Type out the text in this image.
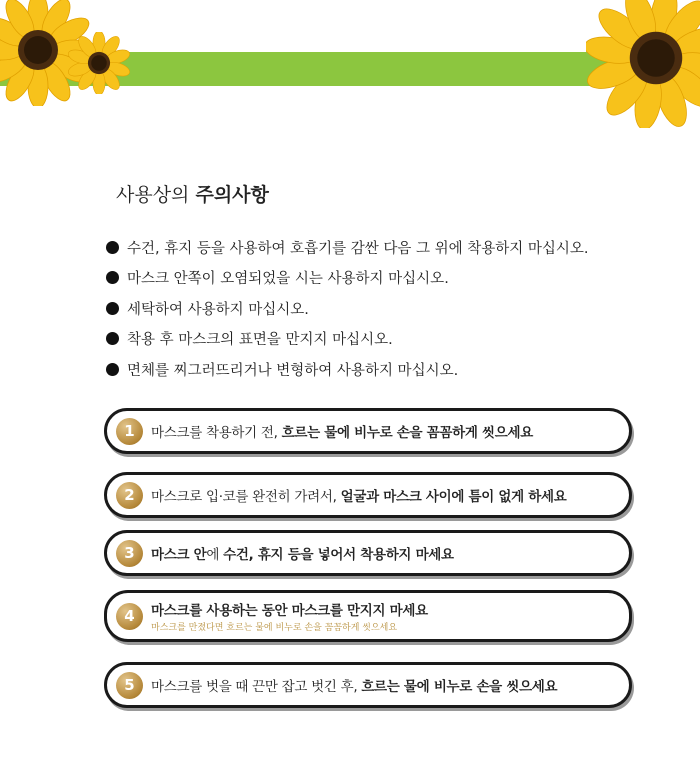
사용상의 주의사항
수건, 휴지 등을 사용하여 호흡기를 감싼 다음 그 위에 착용하지 마십시오.
마스크 안쪽이 오염되었을 시는 사용하지 마십시오.
세탁하여 사용하지 마십시오.
착용 후 마스크의 표면을 만지지 마십시오.
면체를 찌그러뜨리거나 변형하여 사용하지 마십시오.
1	마스크를 착용하기 전, 흐르는 물에 비누로 손을 꼼꼼하게 씻으세요
2	마스크로 입·코를 완전히 가려서, 얼굴과 마스크 사이에 틈이 없게 하세요
3	마스크 안에 수건, 휴지 등을 넣어서 착용하지 마세요
4	마스크를 사용하는 동안 마스크를 만지지 마세요
마스크를 만졌다면 흐르는 물에 비누로 손을 꼼꼼하게 씻으세요
5	마스크를 벗을 때 끈만 잡고 벗긴 후, 흐르는 물에 비누로 손을 씻으세요
